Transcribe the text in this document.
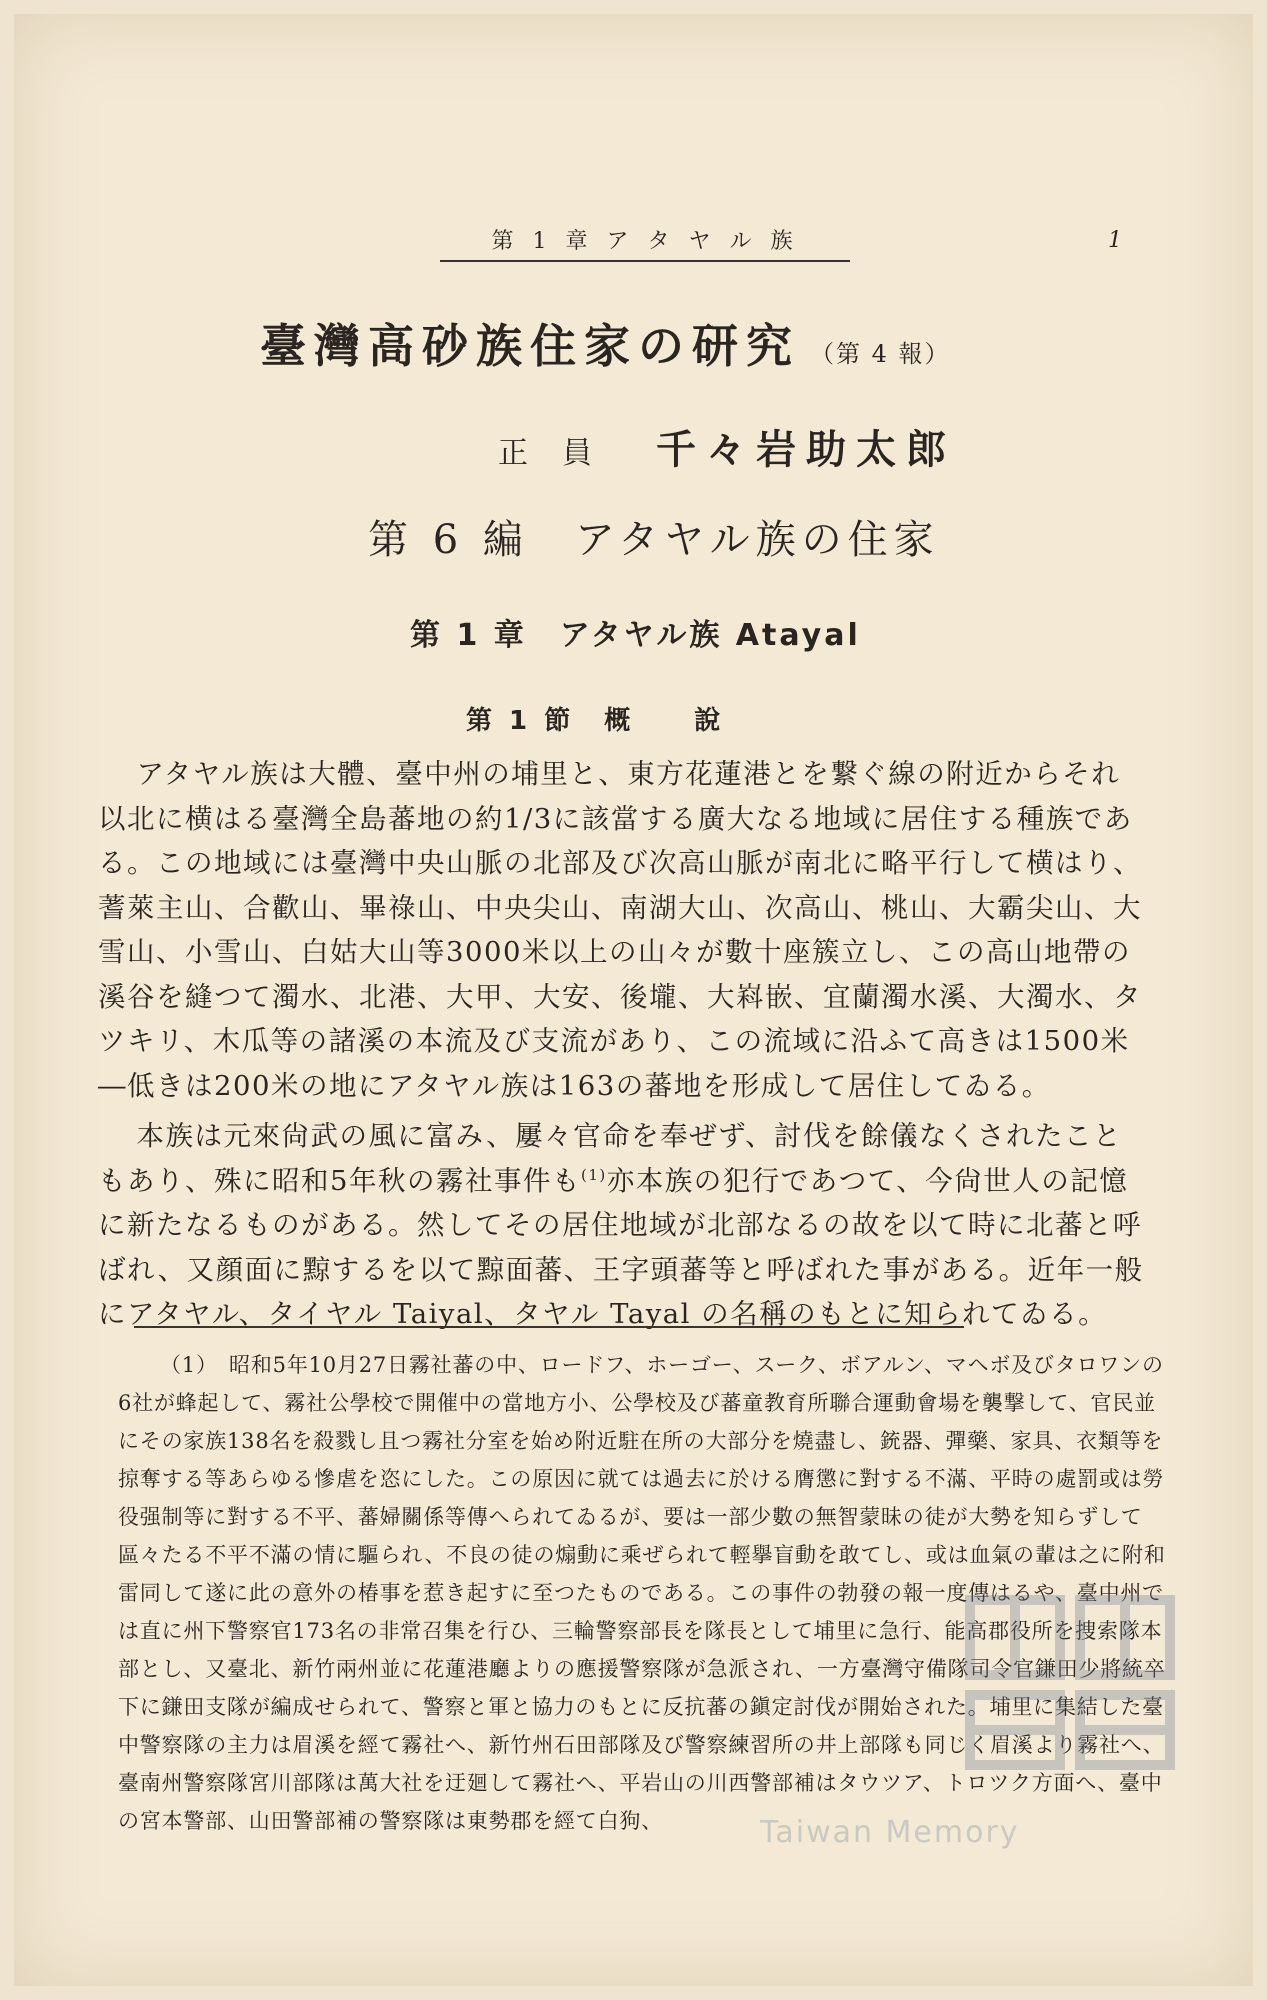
第 1 章 ア タ ヤ ル 族	1
臺灣高砂族住家の研究 （第 4 報）
正員 千々岩助太郎
第 6 編　アタヤル族の住家
第 1 章　アタヤル族 Atayal
第 1 節　概　　說

アタヤル族は大體、臺中州の埔里と、東方花蓮港とを繋ぐ線の附近からそれ以北に横はる臺灣全島蕃地の約1/3に該當する廣大なる地域に居住する種族である。この地域には臺灣中央山脈の北部及び次高山脈が南北に略平行して横はり、蓍萊主山、合歡山、畢祿山、中央尖山、南湖大山、次高山、桃山、大霸尖山、大雪山、小雪山、白姑大山等3000米以上の山々が數十座簇立し、この高山地帶の溪谷を縫つて濁水、北港、大甲、大安、後壠、大嵙嵌、宜蘭濁水溪、大濁水、タツキリ、木瓜等の諸溪の本流及び支流があり、この流域に沿ふて高きは1500米―低きは200米の地にアタヤル族は163の蕃地を形成して居住してゐる。

本族は元來尙武の風に富み、屢々官命を奉ぜず、討伐を餘儀なくされたこともあり、殊に昭和5年秋の霧社事件も$^{(1)}$亦本族の犯行であつて、今尙世人の記憶に新たなるものがある。然してその居住地域が北部なるの故を以て時に北蕃と呼ばれ、又顔面に黥するを以て黥面蕃、王字頭蕃等と呼ばれた事がある。近年一般にアタヤル、タイヤル Taiyal、タヤル Tayal の名稱のもとに知られてゐる。

（1）　昭和5年10月27日霧社蕃の中、ロードフ、ホーゴー、スーク、ボアルン、マヘボ及びタロワンの6社が蜂起して、霧社公學校で開催中の當地方小、公學校及び蕃童教育所聯合運動會場を襲撃して、官民並にその家族138名を殺戮し且つ霧社分室を始め附近駐在所の大部分を燒盡し、銃器、彈藥、家具、衣類等を掠奪する等あらゆる慘虐を恣にした。この原因に就ては過去に於ける膺懲に對する不滿、平時の處罰或は勞役强制等に對する不平、蕃婦關係等傳へられてゐるが、要は一部少數の無智蒙昧の徒が大勢を知らずして區々たる不平不滿の情に驅られ、不良の徒の煽動に乘ぜられて輕擧盲動を敢てし、或は血氣の輩は之に附和雷同して遂に此の意外の椿事を惹き起すに至つたものである。この事件の勃發の報一度傳はるや、臺中州では直に州下警察官173名の非常召集を行ひ、三輪警察部長を隊長として埔里に急行、能高郡役所を捜索隊本部とし、又臺北、新竹兩州並に花蓮港廳よりの應援警察隊が急派され、一方臺灣守備隊司令官鎌田少將統卒下に鎌田支隊が編成せられて、警察と軍と協力のもとに反抗蕃の鎭定討伐が開始された。埔里に集結した臺中警察隊の主力は眉溪を經て霧社へ、新竹州石田部隊及び警察練習所の井上部隊も同じく眉溪より霧社へ、臺南州警察隊宮川部隊は萬大社を迂廻して霧社へ、平岩山の川西警部補はタウツア、トロツク方面へ、臺中の宮本警部、山田警部補の警察隊は東勢郡を經て白狗、	Taiwan Memory
